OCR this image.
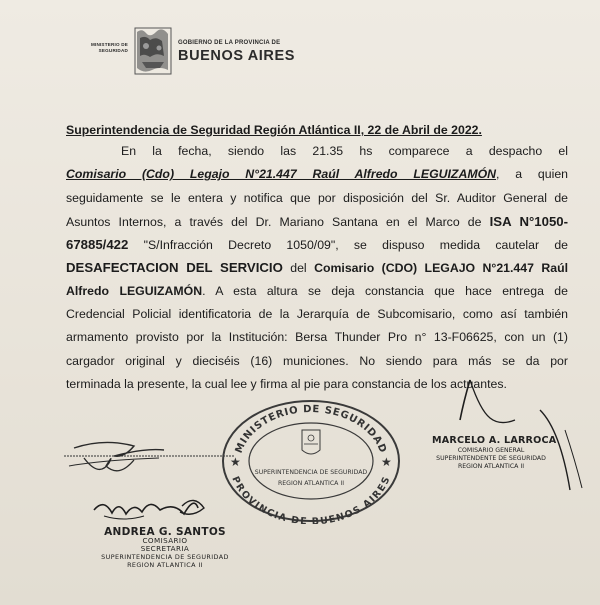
MINISTERIO DE SEGURIDAD
GOBIERNO DE LA PROVINCIA DE
BUENOS AIRES
Superintendencia de Seguridad Región Atlántica II, 22 de Abril de 2022.
En la fecha, siendo las 21.35 hs comparece a despacho el
Comisario (Cdo) Legajo N°21.447 Raúl Alfredo LEGUIZAMÓN, a quien
seguidamente se le entera y notifica que por disposición del Sr. Auditor General de
Asuntos Internos, a través del Dr. Mariano Santana en el Marco de ISA N°1050-
67885/422 "S/Infracción Decreto 1050/09", se dispuso medida cautelar de
DESAFECTACION DEL SERVICIO del Comisario (CDO) LEGAJO N°21.447 Raúl
Alfredo LEGUIZAMÓN. A esta altura se deja constancia que hace entrega de
Credencial Policial identificatoria de la Jerarquía de Subcomisario, como así también
armamento provisto por la Institución: Bersa Thunder Pro n° 13-F06625, con un (1)
cargador original y dieciséis (16) municiones. No siendo para más se da por
terminada la presente, la cual lee y firma al pie para constancia de los actuantes.
MINISTERIO DE SEGURIDAD
PROVINCIA DE BUENOS AIRES
★	★
SUPERINTENDENCIA DE SEGURIDAD
REGION ATLANTICA II
MARCELO A. LARROCA
COMISARIO GENERAL
SUPERINTENDENTE DE SEGURIDAD
REGION ATLANTICA II
ANDREA G. SANTOS
COMISARIO
SECRETARIA
SUPERINTENDENCIA DE SEGURIDAD
REGION ATLANTICA II
